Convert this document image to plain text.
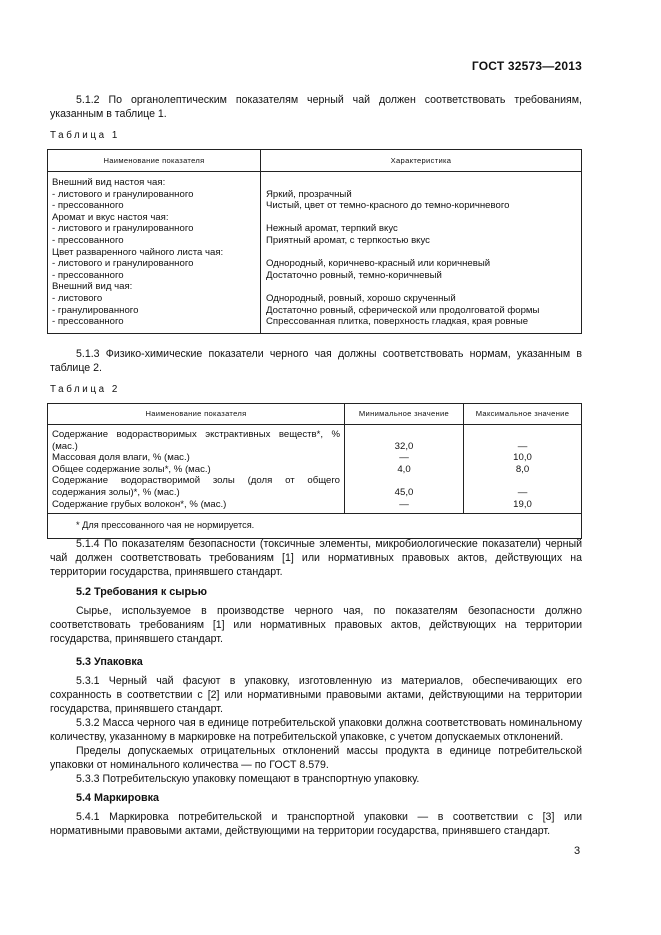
ГОСТ 32573—2013

5.1.2 По органолептическим показателям черный чай должен соответствовать требованиям, указанным в таблице 1.

Таблица 1
Наименование показателя	Характеристика
Внешний вид настоя чая:	
- листового и гранулированного	Яркий, прозрачный
- прессованного	Чистый, цвет от темно-красного до темно-коричневого
Аромат и вкус настоя чая:	
- листового и гранулированного	Нежный аромат, терпкий вкус
- прессованного	Приятный аромат, с терпкостью вкус
Цвет разваренного чайного листа чая:	
- листового и гранулированного	Однородный, коричнево-красный или коричневый
- прессованного	Достаточно ровный, темно-коричневый
Внешний вид чая:	
- листового	Однородный, ровный, хорошо скрученный
- гранулированного	Достаточно ровный, сферической или продолговатой формы
- прессованного	Спрессованная плитка, поверхность гладкая, края ровные

5.1.3 Физико-химические показатели черного чая должны соответствовать нормам, указанным в таблице 2.

Таблица 2
Наименование показателя	Минимальное значение	Максимальное значение
Содержание водорастворимых экстрактивных веществ*, % (мас.)	32,0	—
Массовая доля влаги, % (мас.)	—	10,0
Общее содержание золы*, % (мас.)	4,0	8,0
Содержание водорастворимой золы (доля от общего содержания золы)*, % (мас.)	45,0	—
Содержание грубых волокон*, % (мас.)	—	19,0
* Для прессованного чая не нормируется.		

5.1.4 По показателям безопасности (токсичные элементы, микробиологические показатели) черный чай должен соответствовать требованиям [1] или нормативных правовых актов, действующих на территории государства, принявшего стандарт.

5.2 Требования к сырью

Сырье, используемое в производстве черного чая, по показателям безопасности должно соответствовать требованиям [1] или нормативных правовых актов, действующих на территории государства, принявшего стандарт.

5.3 Упаковка

5.3.1 Черный чай фасуют в упаковку, изготовленную из материалов, обеспечивающих его сохранность в соответствии с [2] или нормативными правовыми актами, действующими на территории государства, принявшего стандарт.

5.3.2 Масса черного чая в единице потребительской упаковки должна соответствовать номинальному количеству, указанному в маркировке на потребительской упаковке, с учетом допускаемых отклонений.

Пределы допускаемых отрицательных отклонений массы продукта в единице потребительской упаковки от номинального количества — по ГОСТ 8.579.

5.3.3 Потребительскую упаковку помещают в транспортную упаковку.

5.4 Маркировка

5.4.1 Маркировка потребительской и транспортной упаковки — в соответствии с [3] или нормативными правовыми актами, действующими на территории государства, принявшего стандарт.

3
